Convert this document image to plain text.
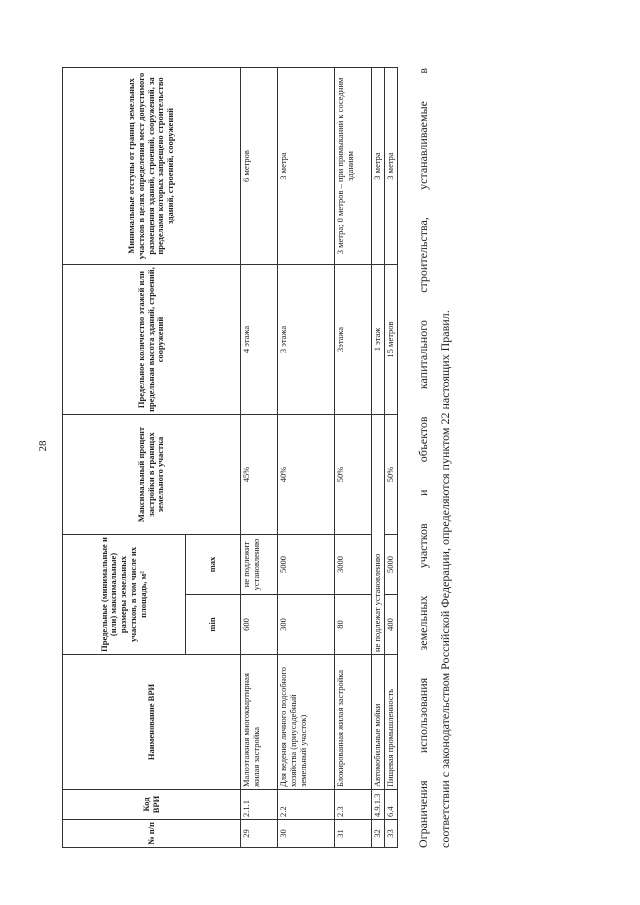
28
№ п/п	Код ВРИ	Наименование ВРИ	Предельные (минимальные и (или) максимальные) размеры земельных участков, в том числе их площадь, м²		Максимальный процент застройки в границах земельного участка	Предельное количество этажей или предельная высота зданий, строений, сооружений	Минимальные отступы от границ земельных участков в целях определения мест допустимого размещения зданий, строений, сооружений, за пределами которых запрещено строительство зданий, строений, сооружений
			min	max			
29	2.1.1	Малоэтажная многоквартирная жилая застройка	600	не подлежит установлению	45%	4 этажа	6 метров
30	2.2	Для ведения личного подсобного хозяйства (приусадебный земельный участок)	300	5000	40%	3 этажа	3 метра
31	2.3	Блокированная жилая застройка	80	3000	50%	3этажа	3 метра; 0 метров – при примыкании к соседним зданиям
32	4.9.1.3	Автомобильные мойки	не подлежат установлению			1 этаж	3 метра
33	6.4	Пищевая промышленность	400	5000	50%	15 метров	3 метра	Ограничения использования земельных участков и объектов капитального строительства, устанавливаемые в соответствии с законодательством Российской Федерации, определяются пунктом 22 настоящих Правил.
